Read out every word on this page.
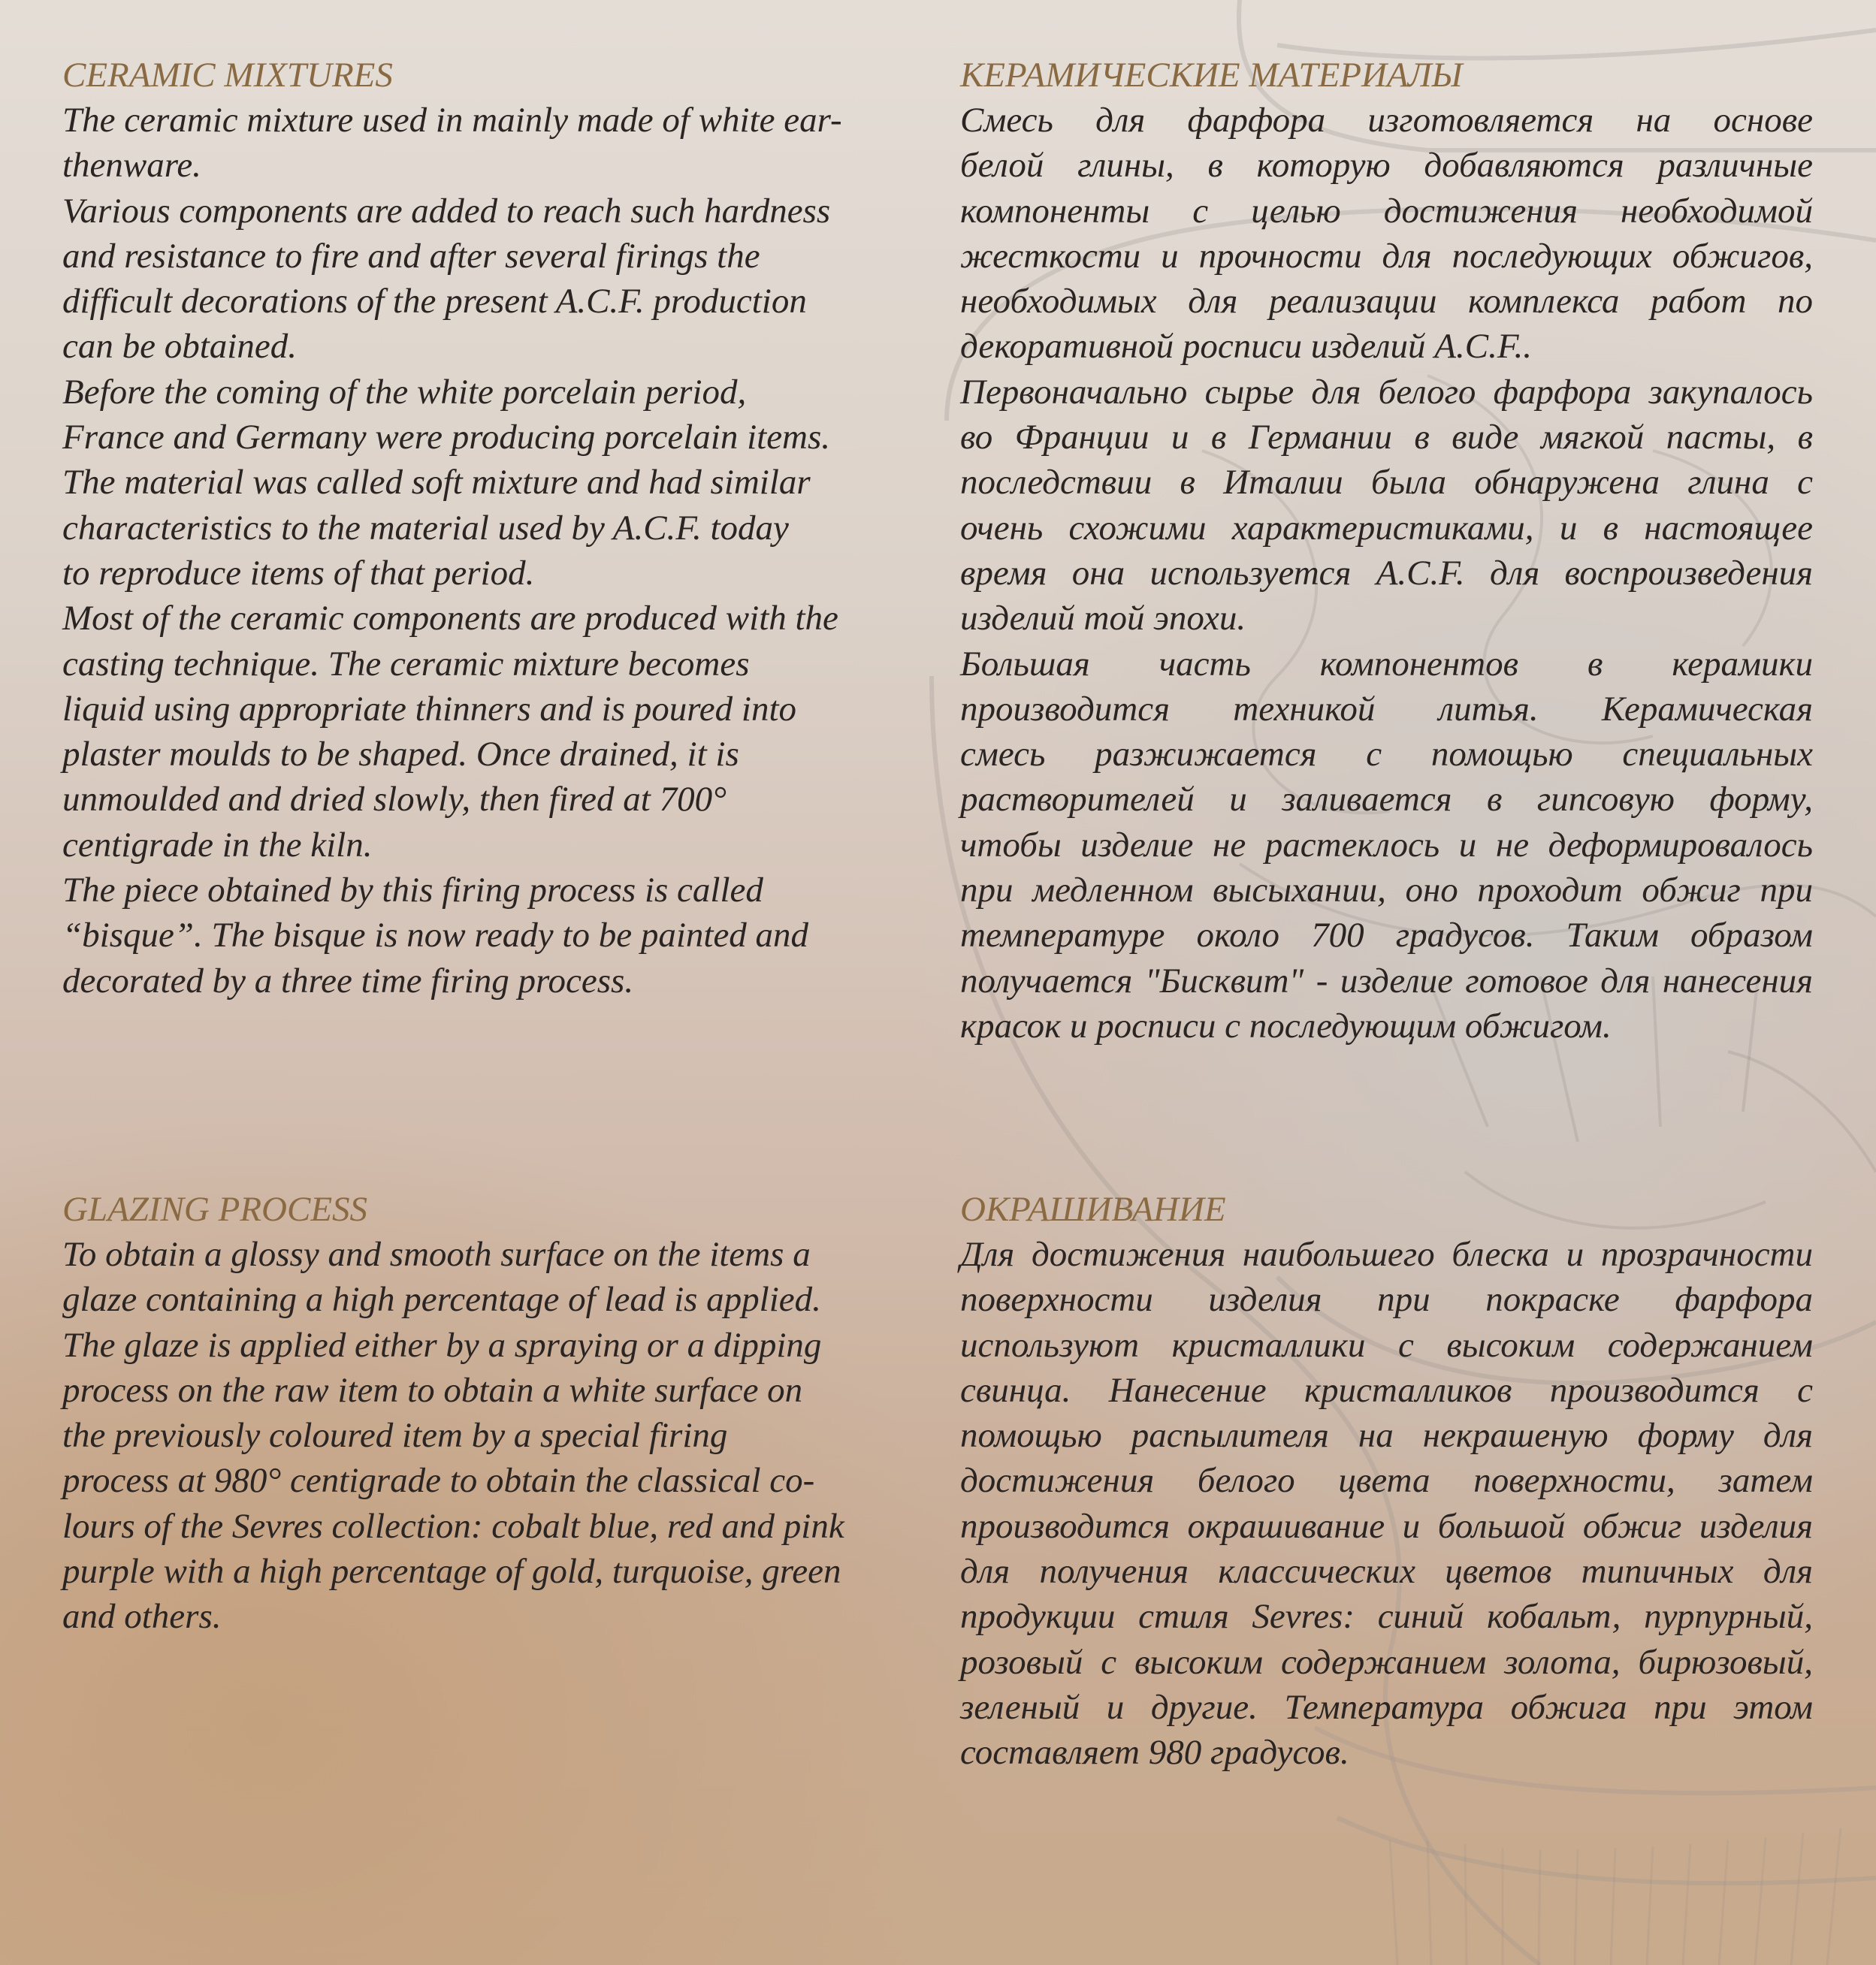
CERAMIC MIXTURES

The ceramic mixture used in mainly made of white ear-
thenware.
Various components are added to reach such hardness
and resistance to fire and after several firings the
difficult decorations of the present A.C.F. production
can be obtained.
Before the coming of the white porcelain period,
France and Germany were producing porcelain items.
The material was called soft mixture and had similar
characteristics to the material used by A.C.F. today
to reproduce items of that period.
Most of the ceramic components are produced with the
casting technique. The ceramic mixture becomes
liquid using appropriate thinners and is poured into
plaster moulds to be shaped. Once drained, it is
unmoulded and dried slowly, then fired at 700°
centigrade in the kiln.
The piece obtained by this firing process is called
“bisque”. The bisque is now ready to be painted and
decorated by a three time firing process.

КЕРАМИЧЕСКИЕ МАТЕРИАЛЫ

Смесь для фарфора изготовляется на основе
белой глины, в которую добавляются различные
компоненты с целью достижения необходимой
жесткости и прочности для последующих обжигов,
необходимых для реализации комплекса работ по
декоративной росписи изделий A.C.F..
Первоначально сырье для белого фарфора закупалось
во Франции и в Германии в виде мягкой пасты, в
последствии в Италии была обнаружена глина с
очень схожими характеристиками, и в настоящее
время она используется A.C.F. для воспроизведения
изделий той эпохи.
Большая часть компонентов в керамики
производится техникой литья. Керамическая
смесь разжижается с помощью специальных
растворителей и заливается в гипсовую форму,
чтобы изделие не растеклось и не деформировалось
при медленном высыхании, оно проходит обжиг при
температуре около 700 градусов. Таким образом
получается "Бисквит" - изделие готовое для нанесения
красок и росписи с последующим обжигом.

GLAZING PROCESS

To obtain a glossy and smooth surface on the items a
glaze containing a high percentage of lead is applied.
The glaze is applied either by a spraying or a dipping
process on the raw item to obtain a white surface on
the previously coloured item by a special firing
process at 980° centigrade to obtain the classical co-
lours of the Sevres collection: cobalt blue, red and pink
purple with a high percentage of gold, turquoise, green
and others.

ОКРАШИВАНИЕ

Для достижения наибольшего блеска и прозрачности
поверхности изделия при покраске фарфора
используют кристаллики с высоким содержанием
свинца. Нанесение кристалликов производится с
помощью распылителя на некрашеную форму для
достижения белого цвета поверхности, затем
производится окрашивание и большой обжиг изделия
для получения классических цветов типичных для
продукции стиля Sevres: синий кобальт, пурпурный,
розовый с высоким содержанием золота, бирюзовый,
зеленый и другие. Температура обжига при этом
составляет 980 градусов.
